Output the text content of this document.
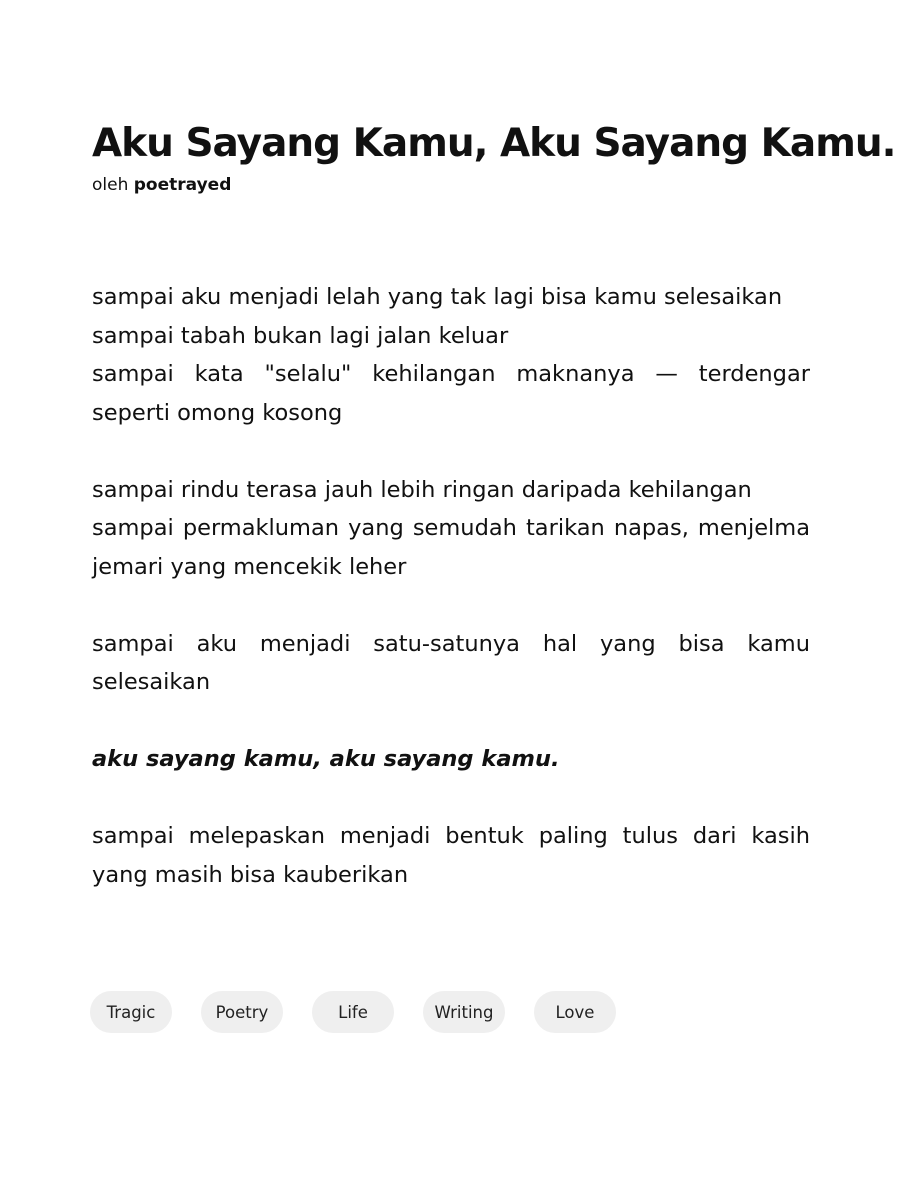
Aku Sayang Kamu, Aku Sayang Kamu.
oleh poetrayed

sampai aku menjadi lelah yang tak lagi bisa kamu selesaikan
sampai tabah bukan lagi jalan keluar
sampai kata "selalu" kehilangan maknanya — terdengar
seperti omong kosong

sampai rindu terasa jauh lebih ringan daripada kehilangan
sampai permakluman yang semudah tarikan napas, menjelma
jemari yang mencekik leher

sampai aku menjadi satu-satunya hal yang bisa kamu
selesaikan

aku sayang kamu, aku sayang kamu.

sampai melepaskan menjadi bentuk paling tulus dari kasih
yang masih bisa kauberikan

Tragic	Poetry	Life	Writing	Love
